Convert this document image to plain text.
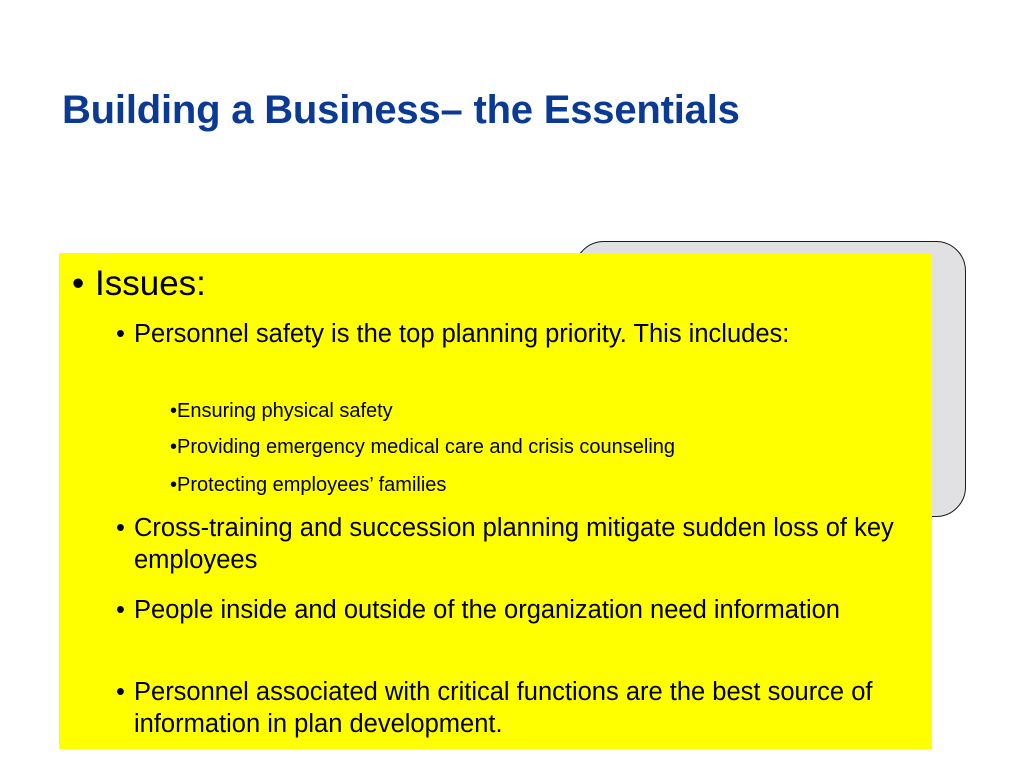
Building a Business– the Essentials
• Issues:
• Personnel safety is the top planning priority. This includes:
•Ensuring physical safety
•Providing emergency medical care and crisis counseling
•Protecting employees’ families
• Cross-training and succession planning mitigate sudden loss of key employees
• People inside and outside of the organization need information
• Personnel associated with critical functions are the best source of information in plan development.
